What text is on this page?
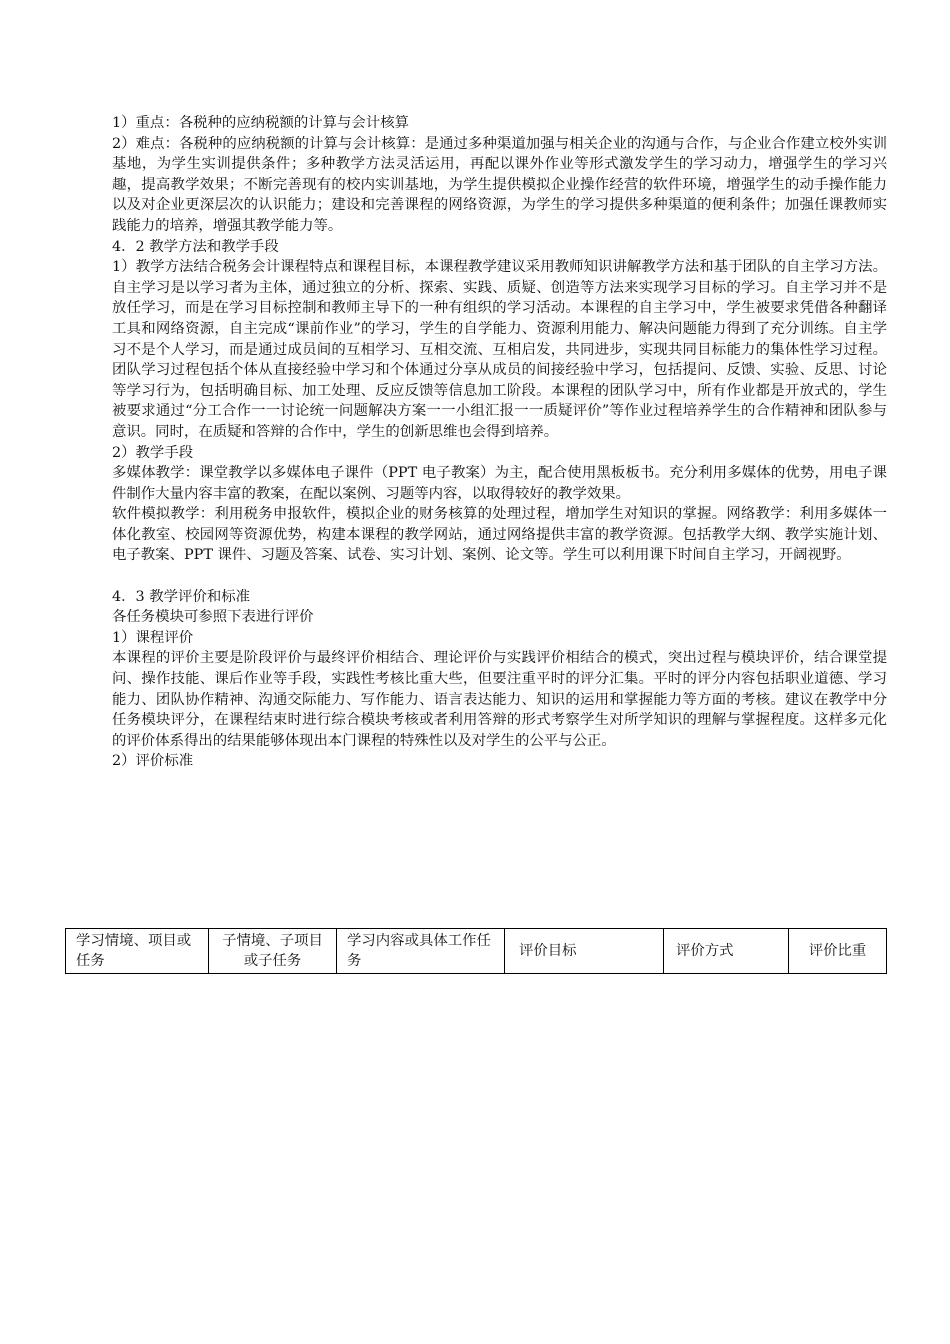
1）重点：各税种的应纳税额的计算与会计核算

2）难点：各税种的应纳税额的计算与会计核算：是通过多种渠道加强与相关企业的沟通与合作，与企业合作建立校外实训基地，为学生实训提供条件；多种教学方法灵活运用，再配以课外作业等形式激发学生的学习动力，增强学生的学习兴趣，提高教学效果；不断完善现有的校内实训基地，为学生提供模拟企业操作经营的软件环境，增强学生的动手操作能力以及对企业更深层次的认识能力；建设和完善课程的网络资源，为学生的学习提供多种渠道的便利条件；加强任课教师实践能力的培养，增强其教学能力等。

4．2 教学方法和教学手段

1）教学方法结合税务会计课程特点和课程目标，本课程教学建议采用教师知识讲解教学方法和基于团队的自主学习方法。自主学习是以学习者为主体，通过独立的分析、探索、实践、质疑、创造等方法来实现学习目标的学习。自主学习并不是放任学习，而是在学习目标控制和教师主导下的一种有组织的学习活动。本课程的自主学习中，学生被要求凭借各种翻译工具和网络资源，自主完成“课前作业”的学习，学生的自学能力、资源利用能力、解决问题能力得到了充分训练。自主学习不是个人学习，而是通过成员间的互相学习、互相交流、互相启发，共同进步，实现共同目标能力的集体性学习过程。团队学习过程包括个体从直接经验中学习和个体通过分享从成员的间接经验中学习，包括提问、反馈、实验、反思、讨论等学习行为，包括明确目标、加工处理、反应反馈等信息加工阶段。本课程的团队学习中，所有作业都是开放式的，学生被要求通过“分工合作一一讨论统一问题解决方案一一小组汇报一一质疑评价”等作业过程培养学生的合作精神和团队参与意识。同时，在质疑和答辩的合作中，学生的创新思维也会得到培养。

2）教学手段

多媒体教学：课堂教学以多媒体电子课件（PPT 电子教案）为主，配合使用黑板板书。充分利用多媒体的优势，用电子课件制作大量内容丰富的教案，在配以案例、习题等内容，以取得较好的教学效果。

软件模拟教学：利用税务申报软件，模拟企业的财务核算的处理过程，增加学生对知识的掌握。网络教学：利用多媒体一体化教室、校园网等资源优势，构建本课程的教学网站，通过网络提供丰富的教学资源。包括教学大纲、教学实施计划、电子教案、PPT 课件、习题及答案、试卷、实习计划、案例、论文等。学生可以利用课下时间自主学习，开阔视野。

4．3 教学评价和标准
各任务模块可参照下表进行评价
1）课程评价

本课程的评价主要是阶段评价与最终评价相结合、理论评价与实践评价相结合的模式，突出过程与模块评价，结合课堂提问、操作技能、课后作业等手段，实践性考核比重大些，但要注重平时的评分汇集。平时的评分内容包括职业道德、学习能力、团队协作精神、沟通交际能力、写作能力、语言表达能力、知识的运用和掌握能力等方面的考核。建议在教学中分任务模块评分，在课程结束时进行综合模块考核或者利用答辩的形式考察学生对所学知识的理解与掌握程度。这样多元化的评价体系得出的结果能够体现出本门课程的特殊性以及对学生的公平与公正。

2）评价标准
学习情境、项目或任务	子情境、子项目或子任务	学习内容或具体工作任务	评价目标	评价方式	评价比重
